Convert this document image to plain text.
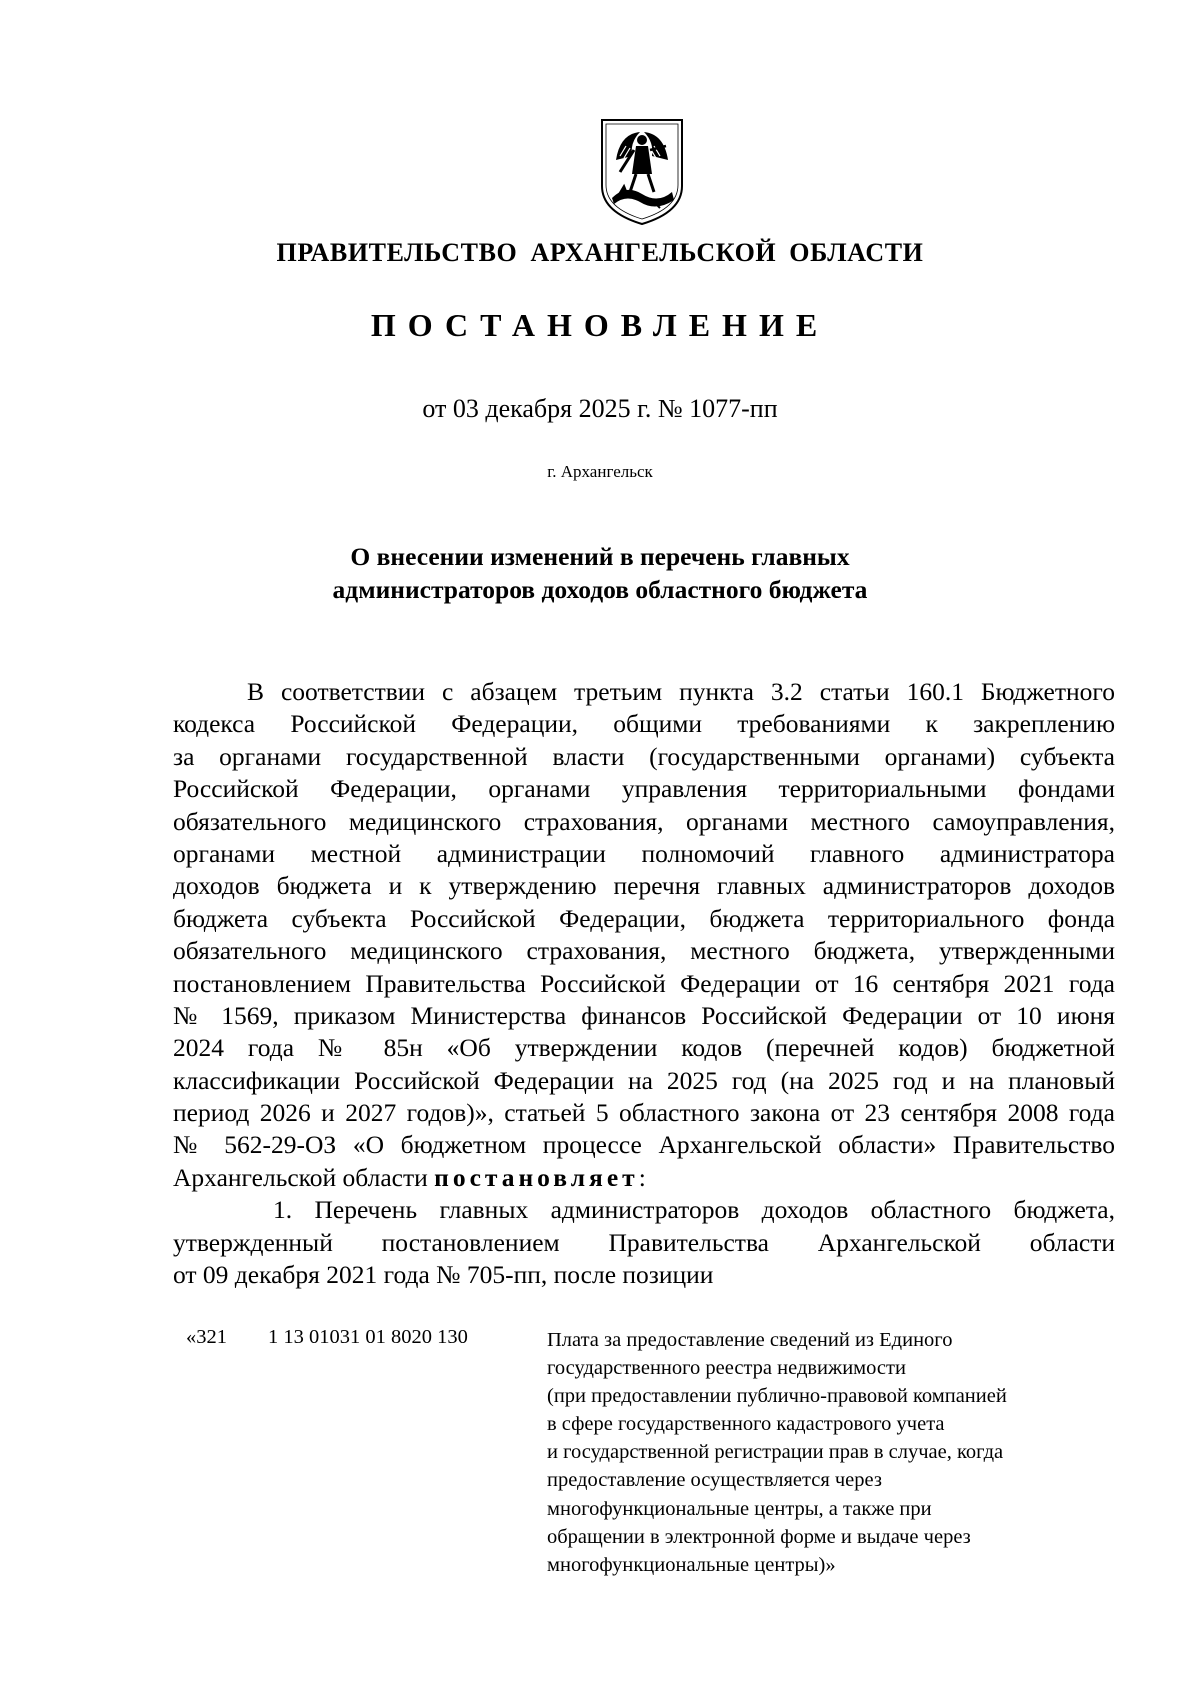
ПРАВИТЕЛЬСТВО АРХАНГЕЛЬСКОЙ ОБЛАСТИ
ПОСТАНОВЛЕНИЕ
от 03 декабря 2025 г. № 1077-пп
г. Архангельск
О внесении изменений в перечень главных
администраторов доходов областного бюджета
В соответствии с абзацем третьим пункта 3.2 статьи 160.1 Бюджетного
кодекса Российской Федерации, общими требованиями к закреплению
за органами государственной власти (государственными органами) субъекта
Российской Федерации, органами управления территориальными фондами
обязательного медицинского страхования, органами местного самоуправления,
органами местной администрации полномочий главного администратора
доходов бюджета и к утверждению перечня главных администраторов доходов
бюджета субъекта Российской Федерации, бюджета территориального фонда
обязательного медицинского страхования, местного бюджета, утвержденными
постановлением Правительства Российской Федерации от 16 сентября 2021 года
№ 1569, приказом Министерства финансов Российской Федерации от 10 июня
2024 года № 85н «Об утверждении кодов (перечней кодов) бюджетной
классификации Российской Федерации на 2025 год (на 2025 год и на плановый
период 2026 и 2027 годов)», статьей 5 областного закона от 23 сентября 2008 года
№ 562-29-ОЗ «О бюджетном процессе Архангельской области» Правительство
Архангельской области постановляет:
1. Перечень главных администраторов доходов областного бюджета,
утвержденный постановлением Правительства Архангельской области
от 09 декабря 2021 года № 705-пп, после позиции
«321 1 13 01031 01 8020 130	Плата за предоставление сведений из Единого
государственного реестра недвижимости
(при предоставлении публично-правовой компанией
в сфере государственного кадастрового учета
и государственной регистрации прав в случае, когда
предоставление осуществляется через
многофункциональные центры, а также при
обращении в электронной форме и выдаче через
многофункциональные центры)»
